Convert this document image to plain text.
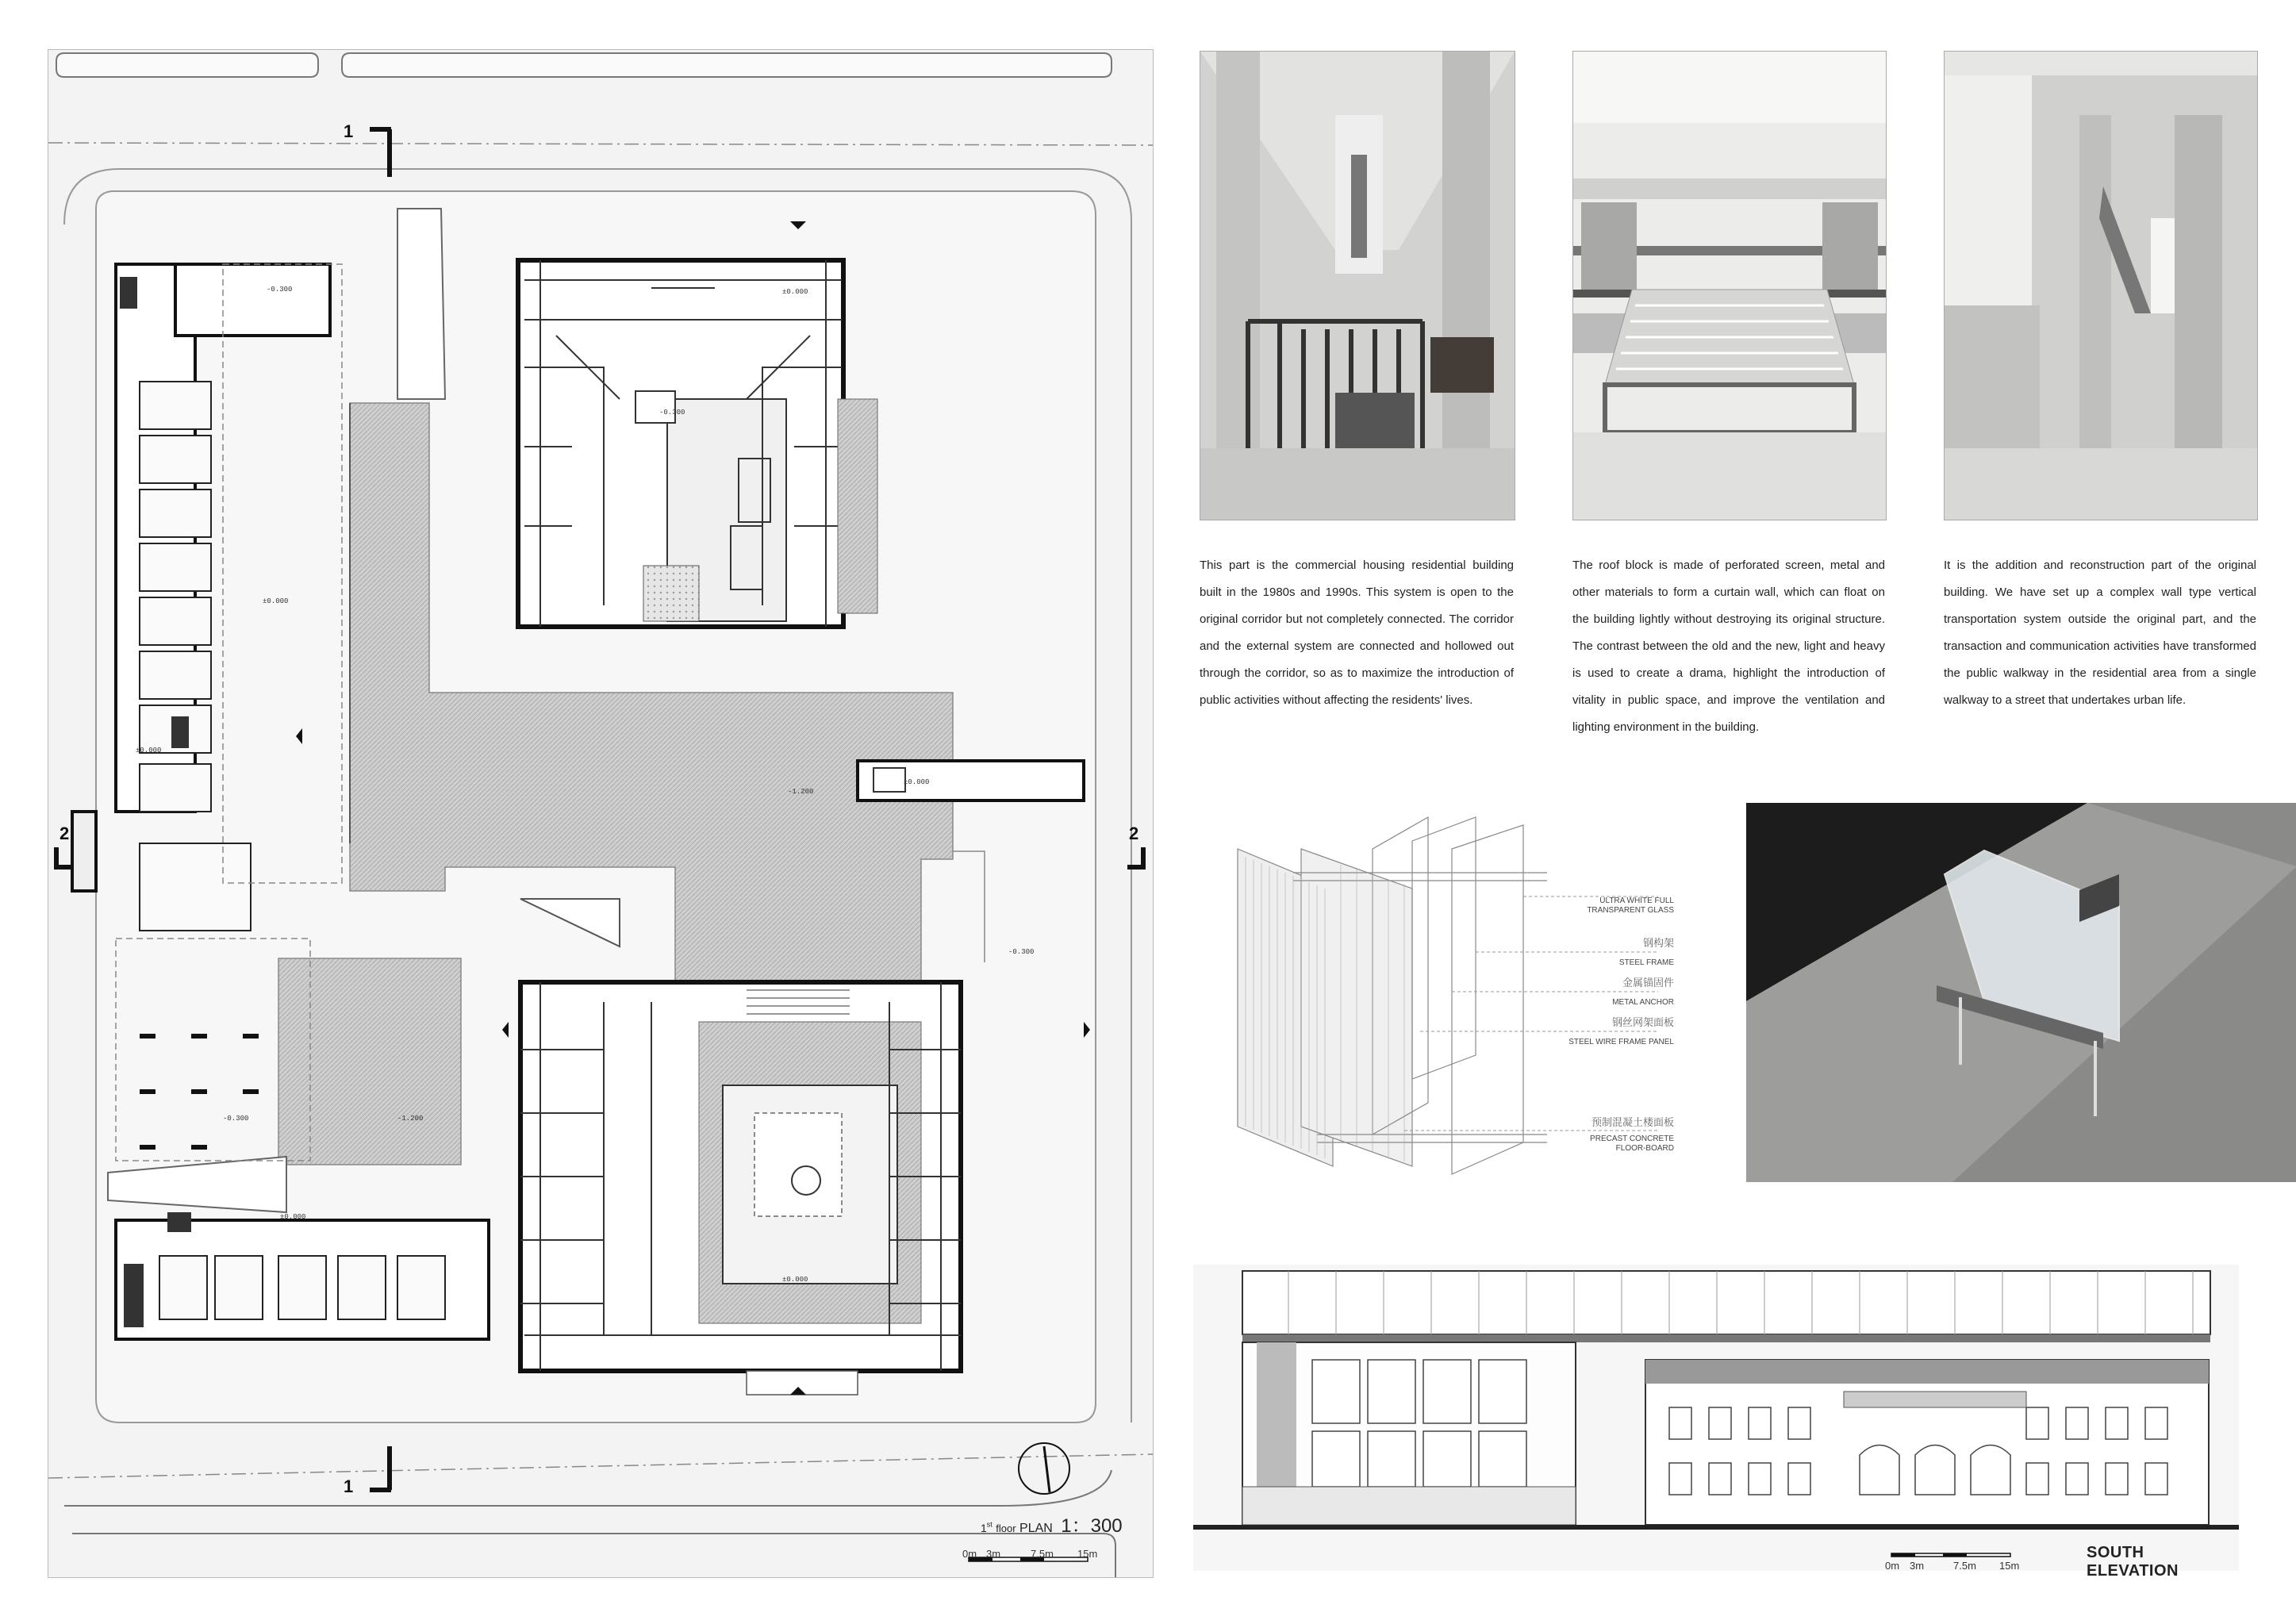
-0.300	±0.000
-0.300
±0.000
±0.000
-1.200
±0.000
-0.300
-0.300	-1.200
±0.000
±0.000
1
1
2	2
1st floor PLAN 1：300
0m 3m	7.5m 15m

This part is the commercial housing residential building built in the 1980s and 1990s. This system is open to the original corridor but not completely connected. The corridor and the external system are connected and hollowed out through the corridor, so as to maximize the introduction of public activities without affecting the residents' lives.

The roof block is made of perforated screen, metal and other materials to form a curtain wall, which can float on the building lightly without destroying its original structure. The contrast between the old and the new, light and heavy is used to create a drama, highlight the introduction of vitality in public space, and improve the ventilation and lighting environment in the building.

It is the addition and reconstruction part of the original building. We have set up a complex wall type vertical transportation system outside the original part, and the transaction and communication activities have transformed the public walkway in the residential area from a single walkway to a street that undertakes urban life.

ULTRA WHITE FULL
TRANSPARENT GLASS
钢构架
STEEL FRAME
金属锚固件
METAL ANCHOR
钢丝网架面板
STEEL WIRE FRAME PANEL
预制混凝土楼面板
PRECAST CONCRETE
FLOOR-BOARD
0m 3m	7.5m 15m
SOUTH ELEVATION
